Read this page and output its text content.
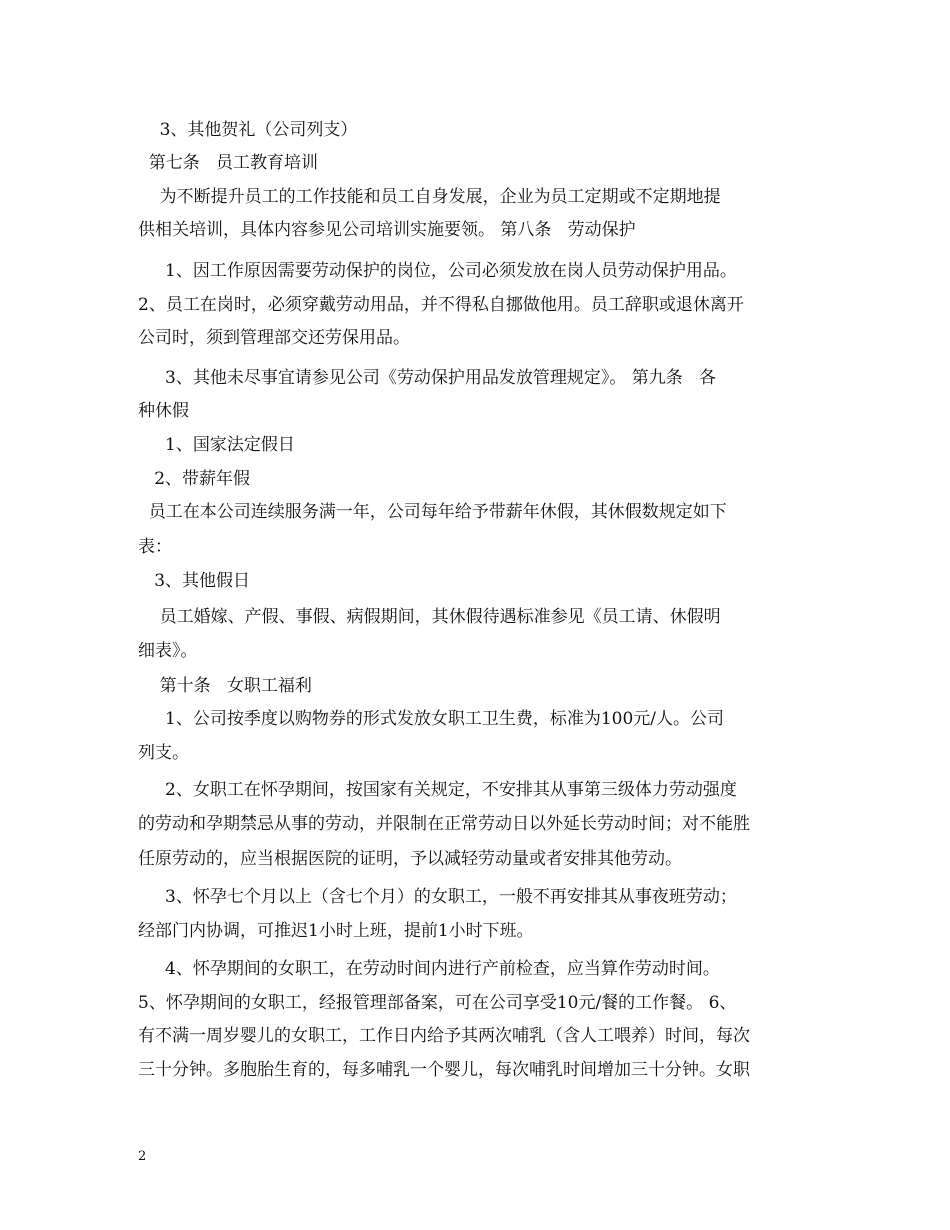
3、其他贺礼（公司列支）

第七条   员工教育培训

为不断提升员工的工作技能和员工自身发展，企业为员工定期或不定期地提

供相关培训，具体内容参见公司培训实施要领。 第八条   劳动保护

1、因工作原因需要劳动保护的岗位，公司必须发放在岗人员劳动保护用品。

2、员工在岗时，必须穿戴劳动用品，并不得私自挪做他用。员工辞职或退休离开

公司时，须到管理部交还劳保用品。

3、其他未尽事宜请参见公司《劳动保护用品发放管理规定》。 第九条   各

种休假

1、国家法定假日

2、带薪年假

员工在本公司连续服务满一年，公司每年给予带薪年休假，其休假数规定如下

表：

3、其他假日

员工婚嫁、产假、事假、病假期间，其休假待遇标准参见《员工请、休假明

细表》。

第十条   女职工福利

1、公司按季度以购物券的形式发放女职工卫生费，标准为100元/人。公司

列支。

2、女职工在怀孕期间，按国家有关规定，不安排其从事第三级体力劳动强度

的劳动和孕期禁忌从事的劳动，并限制在正常劳动日以外延长劳动时间；对不能胜

任原劳动的，应当根据医院的证明，予以减轻劳动量或者安排其他劳动。

3、怀孕七个月以上（含七个月）的女职工，一般不再安排其从事夜班劳动；

经部门内协调，可推迟1小时上班，提前1小时下班。

4、怀孕期间的女职工，在劳动时间内进行产前检查，应当算作劳动时间。

5、怀孕期间的女职工，经报管理部备案，可在公司享受10元/餐的工作餐。 6、

有不满一周岁婴儿的女职工，工作日内给予其两次哺乳（含人工喂养）时间，每次

三十分钟。多胞胎生育的，每多哺乳一个婴儿，每次哺乳时间增加三十分钟。女职

2
